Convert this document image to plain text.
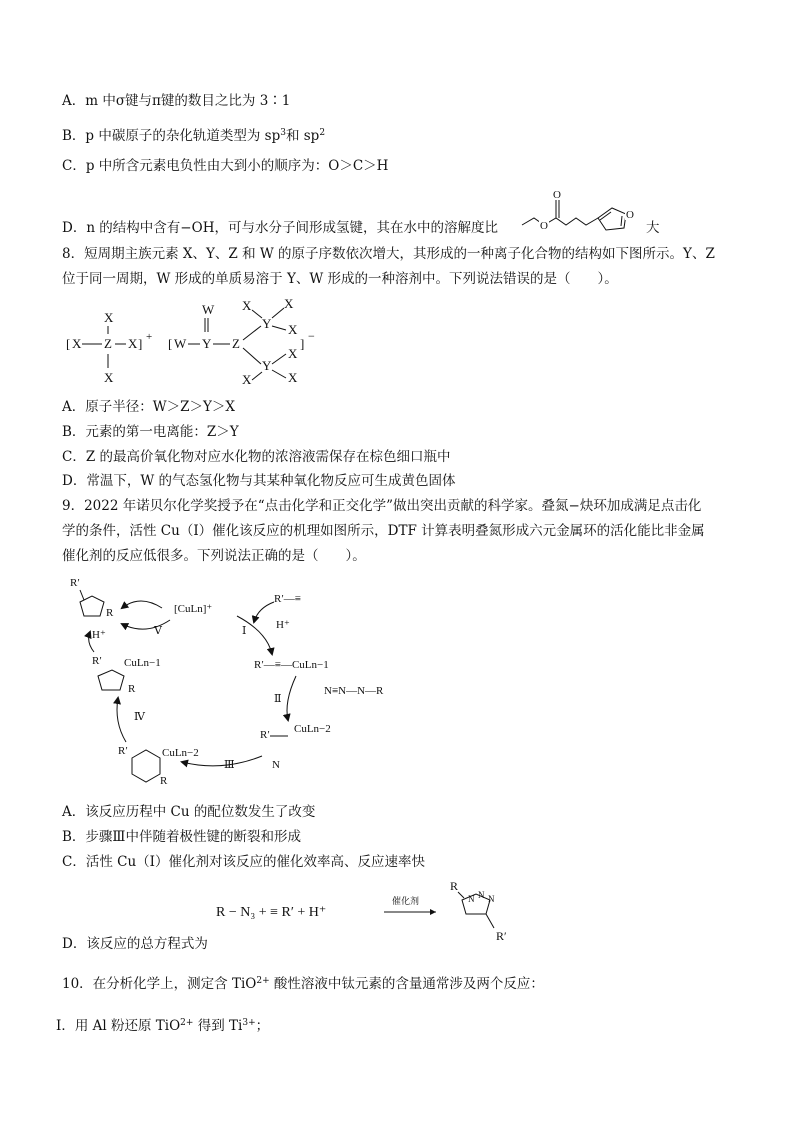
A．m 中σ键与π键的数目之比为 3∶1
B．p 中碳原子的杂化轨道类型为 $sp^3$和 $sp^2$
C．p 中所含元素电负性由大到小的顺序为：O＞C＞H
D．n 的结构中含有−OH，可与水分子间形成氢键，其在水中的溶解度比	O
O
O
大
8．短周期主族元素 X、Y、Z 和 W 的原子序数依次增大，其形成的一种离子化合物的结构如下图所示。Y、Z
位于同一周期，W 形成的单质易溶于 Y、W 形成的一种溶剂中。下列说法错误的是（　　）。
[ X Z X ] +
X
X
[ W Y Z
W
Y
Y
X	X
X
X
X
X
] −
A．原子半径：W＞Z＞Y＞X
B．元素的第一电离能：Z＞Y
C．Z 的最高价氧化物对应水化物的浓溶液需保存在棕色细口瓶中
D．常温下，W 的气态氢化物与其某种氧化物反应可生成黄色固体
9．2022 年诺贝尔化学奖授予在“点击化学和正交化学”做出突出贡献的科学家。叠氮−炔环加成满足点击化
学的条件，活性 Cu（Ⅰ）催化该反应的机理如图所示，DTF 计算表明叠氮形成六元金属环的活化能比非金属
催化剂的反应低很多。下列说法正确的是（　　）。
R′
R
H⁺
[CuLn]⁺
Ⅴ	Ⅰ
R′—≡
H⁺
R′—≡—CuLn−1
Ⅱ
N≡N—N—R
R′ CuLn−2
N
Ⅲ
R′	CuLn−2
R
Ⅳ
R′ CuLn−1
R
A．该反应历程中 Cu 的配位数发生了改变
B．步骤Ⅲ中伴随着极性键的断裂和形成
C．活性 Cu（Ⅰ）催化剂对该反应的催化效率高、反应速率快
R − N₃ + ≡ R′ + H⁺
催化剂
R
N N N
R′
D．该反应的总方程式为
10．在分析化学上，测定含 TiO$^{2+}$ 酸性溶液中钛元素的含量通常涉及两个反应：
Ⅰ．用 Al 粉还原 TiO$^{2+}$ 得到 $Ti^{3+}$；
